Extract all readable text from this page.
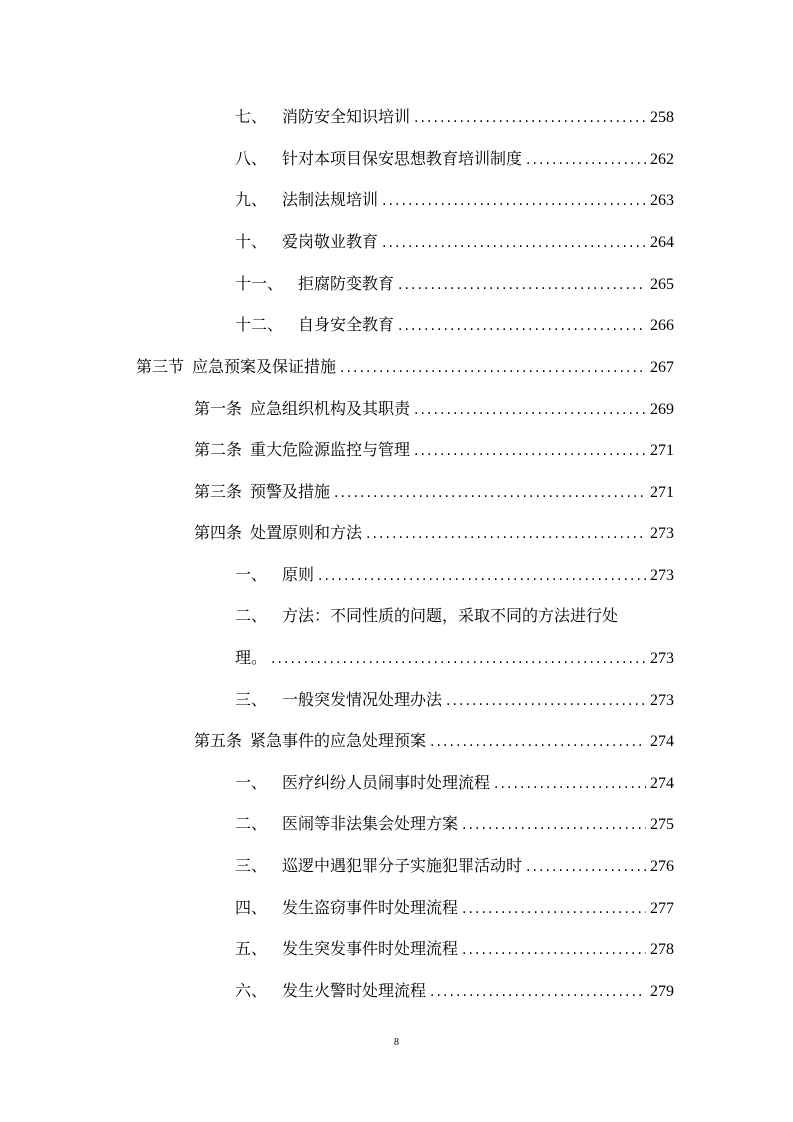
七、 消防安全知识培训 . . .	258
八、 针对本项目保安思想教育培训制度 . . .	262
九、 法制法规培训 . . .	263
十、 爱岗敬业教育 . . .	264
十一、 拒腐防变教育 . . .	265
十二、 自身安全教育 . . .	266
第三节 应急预案及保证措施 . . .	267
第一条 应急组织机构及其职责 . . .	269
第二条 重大危险源监控与管理 . . .	271
第三条 预警及措施 . . .	271
第四条 处置原则和方法 . . .	273
一、 原则 . . .	273
二、 方法：不同性质的问题，采取不同的方法进行处
理。 . . .	273
三、 一般突发情况处理办法 . . .	273
第五条 紧急事件的应急处理预案 . . .	274
一、 医疗纠纷人员闹事时处理流程 . . .	274
二、 医闹等非法集会处理方案 . . .	275
三、 巡逻中遇犯罪分子实施犯罪活动时 . . .	276
四、 发生盗窃事件时处理流程 . . .	277
五、 发生突发事件时处理流程 . . .	278
六、 发生火警时处理流程 . . .	279
8
